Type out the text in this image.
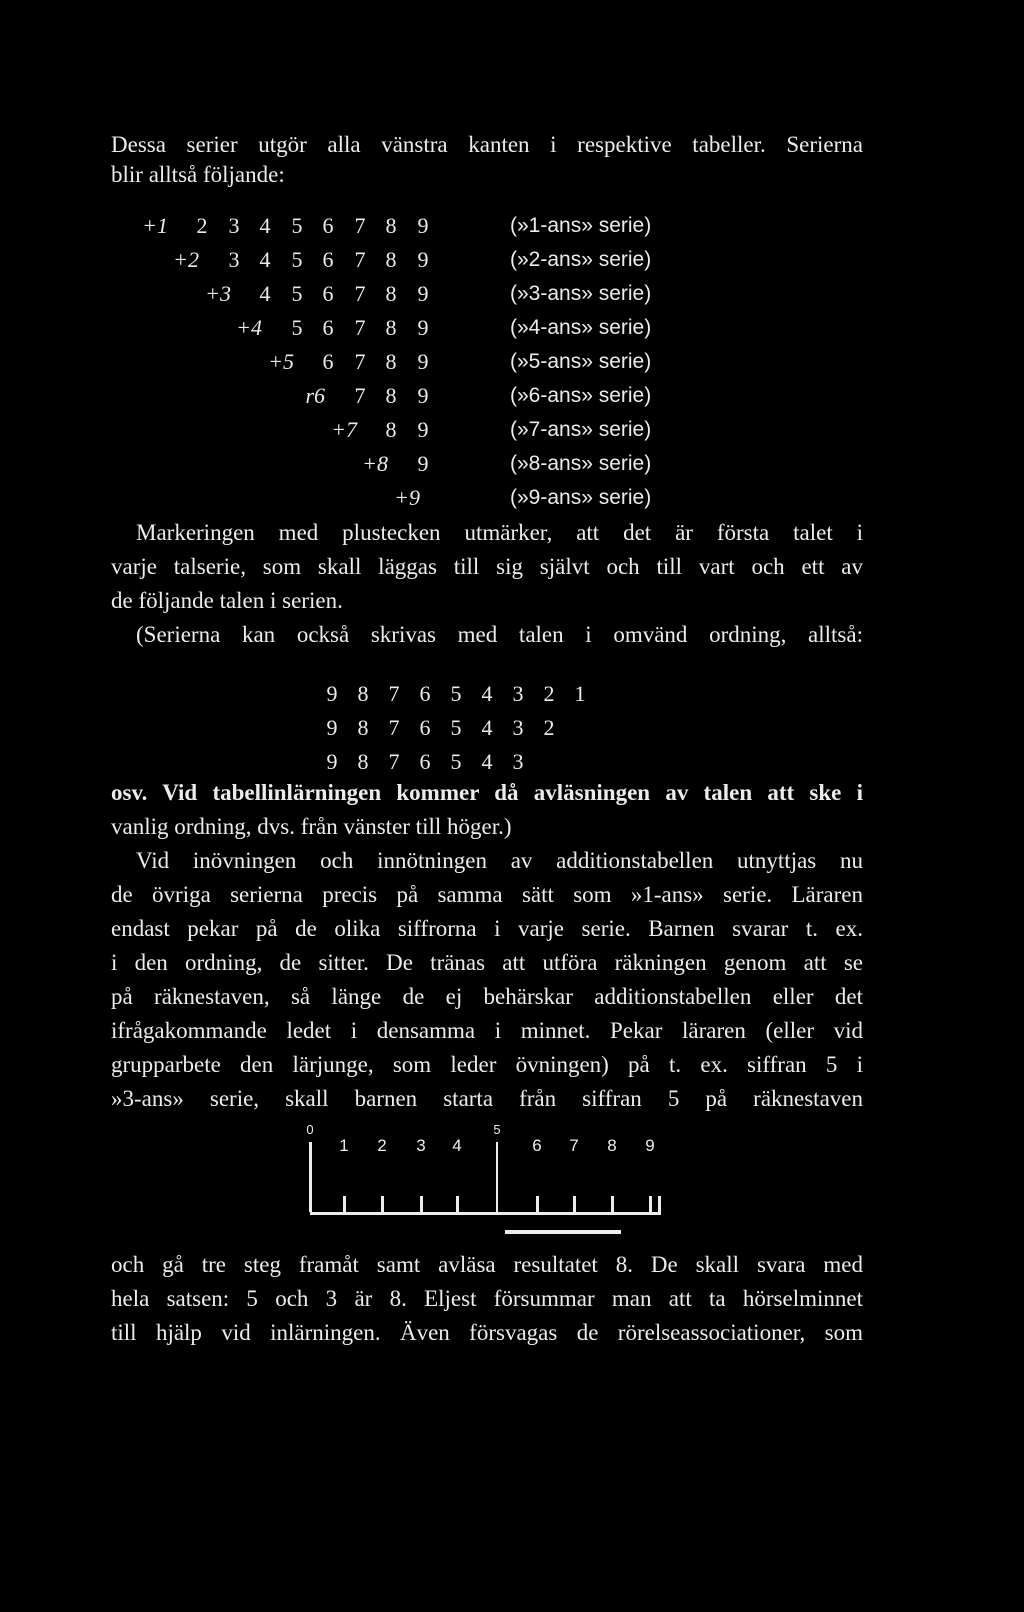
Dessa serier utgör alla vänstra kanten i respektive tabeller. Serierna
blir alltså följande:
+1 2 3 4 5 6 7 8 9	(»1-ans» serie)
+2 3 4 5 6 7 8 9	(»2-ans» serie)
+3 4 5 6 7 8 9	(»3-ans» serie)
+4 5 6 7 8 9	(»4-ans» serie)
+5 6 7 8 9	(»5-ans» serie)
r6 7 8 9	(»6-ans» serie)
+7 8 9	(»7-ans» serie)
+8 9	(»8-ans» serie)
+9	(»9-ans» serie)
Markeringen med plustecken utmärker, att det är första talet i
varje talserie, som skall läggas till sig självt och till vart och ett av
de följande talen i serien.
(Serierna kan också skrivas med talen i omvänd ordning, alltså:
9 8 7 6 5 4 3 2 1
9 8 7 6 5 4 3 2
9 8 7 6 5 4 3
osv. Vid tabellinlärningen kommer då avläsningen av talen att ske i
vanlig ordning, dvs. från vänster till höger.)
Vid inövningen och innötningen av additionstabellen utnyttjas nu
de övriga serierna precis på samma sätt som »1-ans» serie. Läraren
endast pekar på de olika siffrorna i varje serie. Barnen svarar t. ex.
i den ordning, de sitter. De tränas att utföra räkningen genom att se
på räknestaven, så länge de ej behärskar additionstabellen eller det
ifrågakommande ledet i densamma i minnet. Pekar läraren (eller vid
grupparbete den lärjunge, som leder övningen) på t. ex. siffran 5 i
»3-ans» serie, skall barnen starta från siffran 5 på räknestaven
0
1	2	3	4
5
6	7	8	9
och gå tre steg framåt samt avläsa resultatet 8. De skall svara med
hela satsen: 5 och 3 är 8. Eljest försummar man att ta hörselminnet
till hjälp vid inlärningen. Även försvagas de rörelseassociationer, som
